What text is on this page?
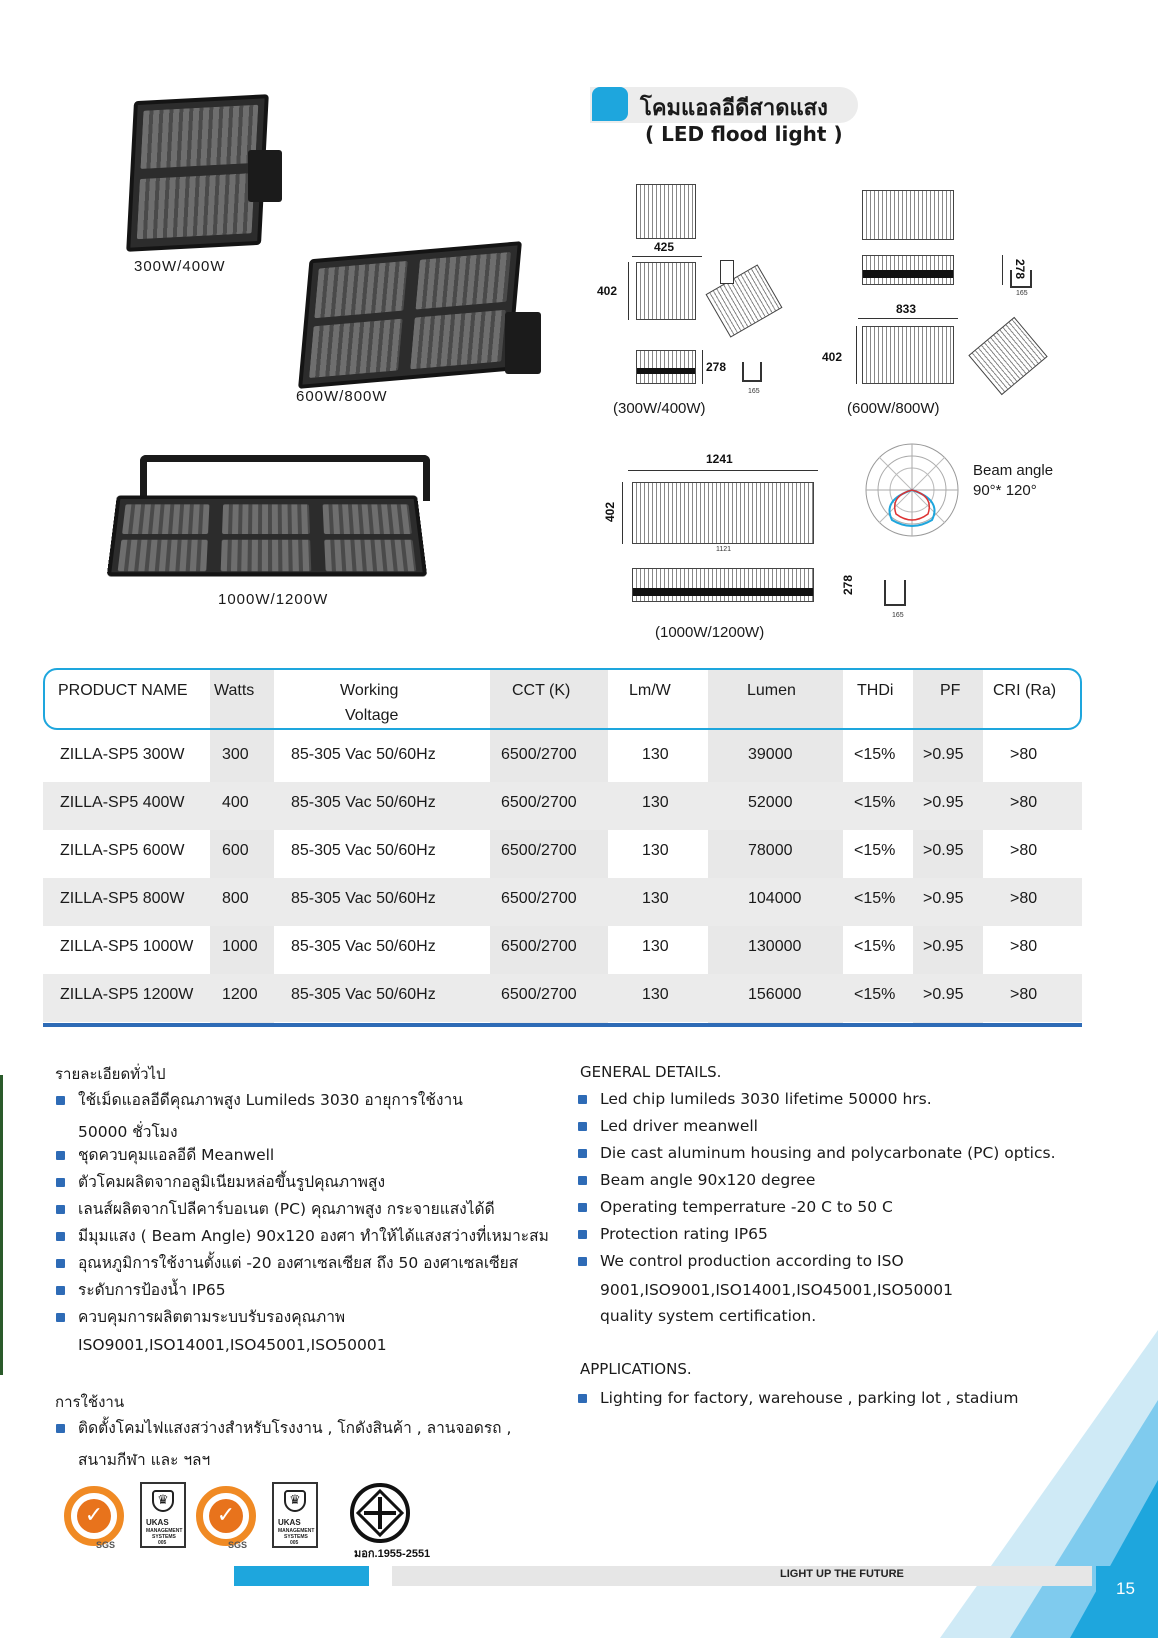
300W/400W
600W/800W
1000W/1200W
โคมแอลอีดีสาดแสง
( LED flood light )
425
402
278
165
(300W/400W)
278
165
833
402
(600W/800W)
1241
402
1121
278
165
(1000W/1200W)
Beam angle
90°* 120°
PRODUCT NAME Watts	Working
Voltage
CCT (K)	Lm/W	Lumen	THDi	PF CRI (Ra)
ZILLA-SP5 300W 300	85-305 Vac 50/60Hz	6500/2700	130	39000	<15% >0.95	>80
ZILLA-SP5 400W 400	85-305 Vac 50/60Hz	6500/2700	130	52000	<15% >0.95	>80
ZILLA-SP5 600W 600	85-305 Vac 50/60Hz	6500/2700	130	78000	<15% >0.95	>80
ZILLA-SP5 800W 800	85-305 Vac 50/60Hz	6500/2700	130	104000	<15% >0.95	>80
ZILLA-SP5 1000W 1000 85-305 Vac 50/60Hz	6500/2700	130	130000	<15% >0.95	>80
ZILLA-SP5 1200W 1200 85-305 Vac 50/60Hz	6500/2700	130	156000	<15% >0.95	>80
รายละเอียดทั่วไป
ใช้เม็ดแอลอีดีคุณภาพสูง Lumileds 3030 อายุการใช้งาน
50000 ชั่วโมง
ชุดควบคุมแอลอีดี Meanwell
ตัวโคมผลิตจากอลูมิเนียมหล่อขึ้นรูปคุณภาพสูง
เลนส์ผลิตจากโปลีคาร์บอเนต (PC) คุณภาพสูง กระจายแสงได้ดี
มีมุมแสง ( Beam Angle) 90x120 องศา ทำให้ได้แสงสว่างที่เหมาะสม
อุณหภูมิการใช้งานตั้งแต่ -20 องศาเซลเซียส ถึง 50 องศาเซลเซียส
ระดับการป้องน้ำ IP65
ควบคุมการผลิตตามระบบรับรองคุณภาพ
ISO9001,ISO14001,ISO45001,ISO50001
การใช้งาน
ติดตั้งโคมไฟแสงสว่างสำหรับโรงงาน , โกดังสินค้า , ลานจอดรถ ,
สนามกีฬา และ ฯลฯ
GENERAL DETAILS.
Led chip lumileds 3030 lifetime 50000 hrs.
Led driver meanwell
Die cast aluminum housing and polycarbonate (PC) optics.
Beam angle 90x120 degree
Operating temperrature -20 C to 50 C
Protection rating IP65
We control production according to ISO
9001,ISO9001,ISO14001,ISO45001,ISO50001
quality system certification.
APPLICATIONS.
Lighting for factory, warehouse , parking lot , stadium
✓
SGS
♛
UKAS
MANAGEMENT
SYSTEMS
005
✓
SGS
♛
UKAS
MANAGEMENT
SYSTEMS
005
มอก.1955-2551
LIGHT UP THE FUTURE
15
